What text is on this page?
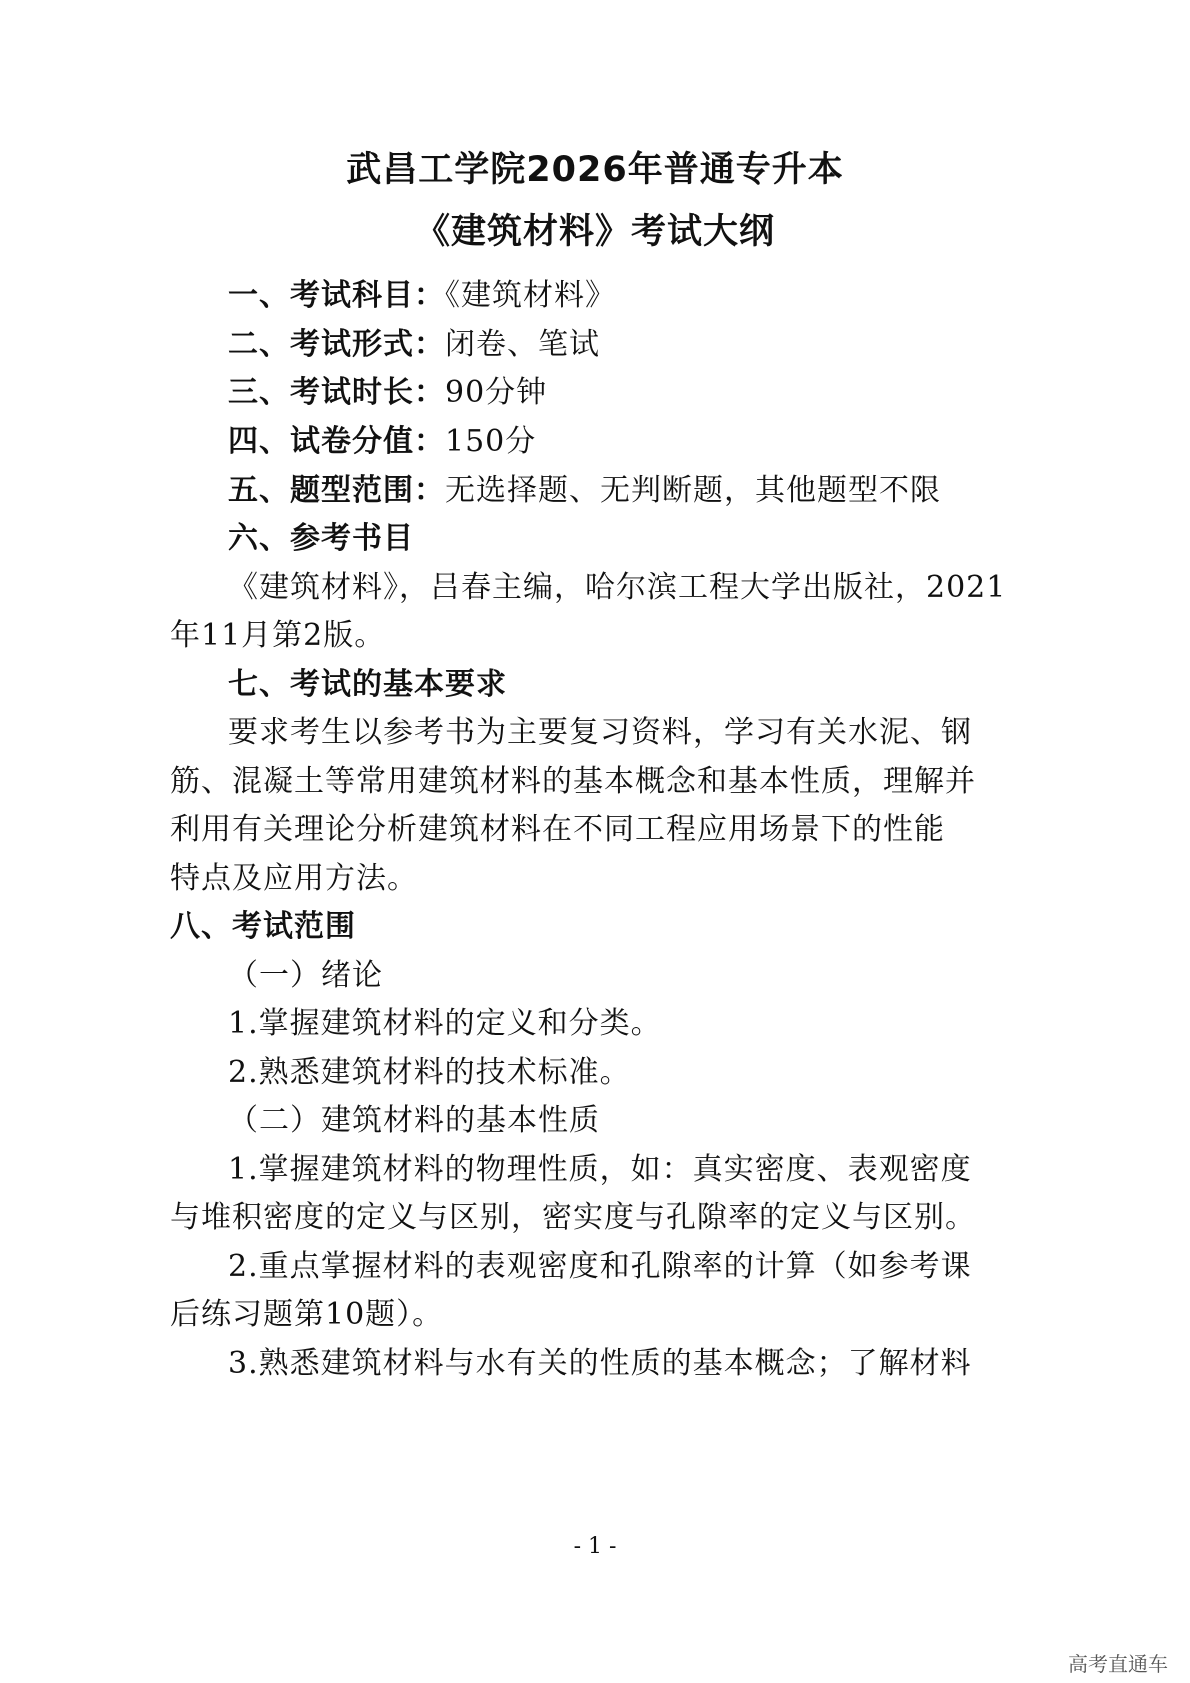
武昌工学院2026年普通专升本
《建筑材料》考试大纲
一、考试科目：《建筑材料》
二、考试形式：闭卷、笔试
三、考试时长：90分钟
四、试卷分值：150分
五、题型范围：无选择题、无判断题，其他题型不限
六、参考书目
《建筑材料》，吕春主编，哈尔滨工程大学出版社，2021
年11月第2版。
七、考试的基本要求
要求考生以参考书为主要复习资料，学习有关水泥、钢
筋、混凝土等常用建筑材料的基本概念和基本性质，理解并
利用有关理论分析建筑材料在不同工程应用场景下的性能
特点及应用方法。
八、考试范围
（一）绪论
1.掌握建筑材料的定义和分类。
2.熟悉建筑材料的技术标准。
（二）建筑材料的基本性质
1.掌握建筑材料的物理性质，如：真实密度、表观密度
与堆积密度的定义与区别，密实度与孔隙率的定义与区别。
2.重点掌握材料的表观密度和孔隙率的计算（如参考课
后练习题第10题）。
3.熟悉建筑材料与水有关的性质的基本概念；了解材料
- 1 -
高考直通车
